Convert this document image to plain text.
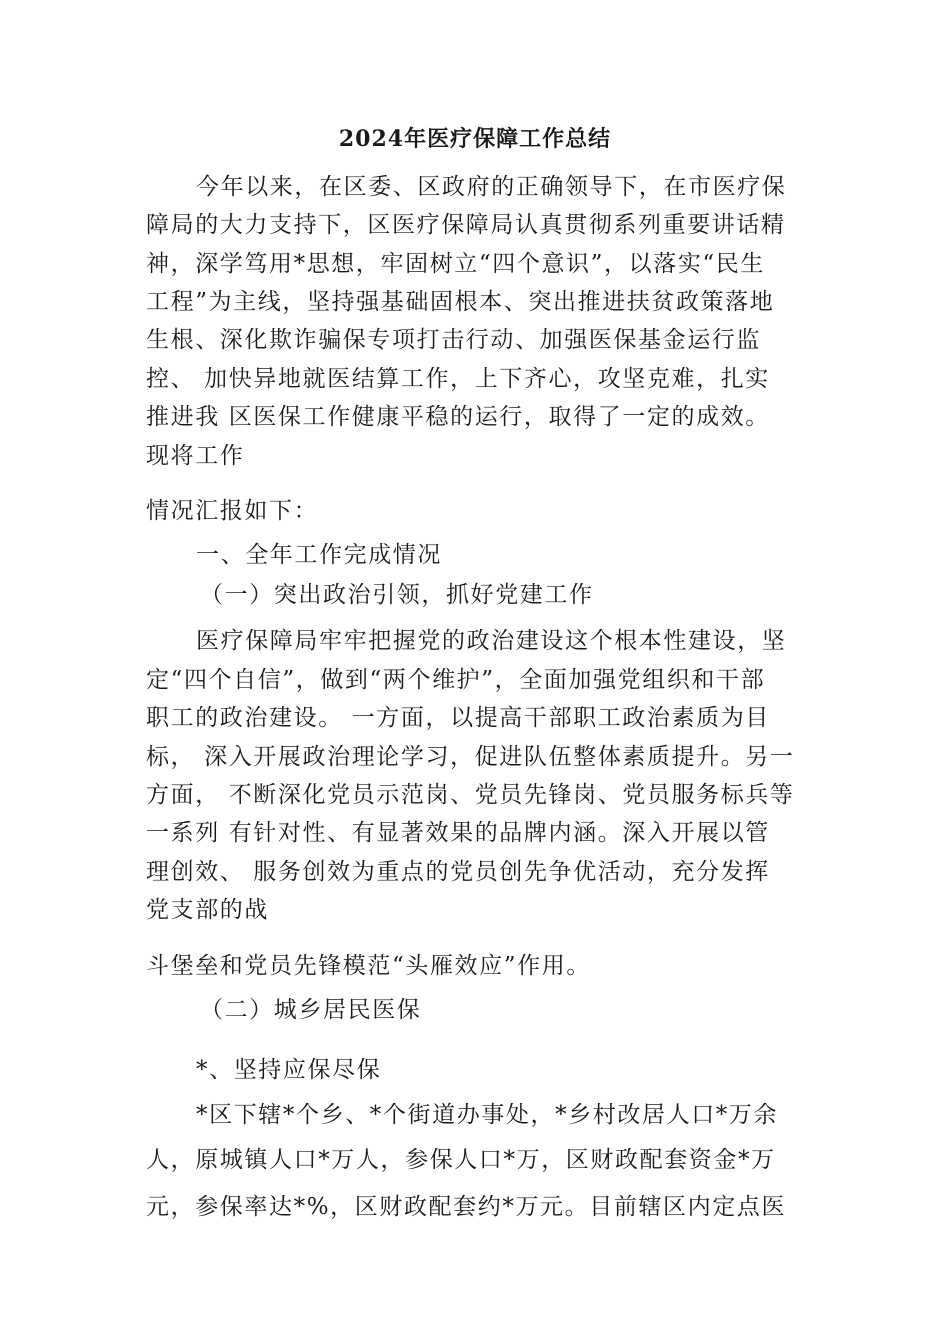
2024年医疗保障工作总结
今年以来，在区委、区政府的正确领导下，在市医疗保
障局的大力支持下，区医疗保障局认真贯彻系列重要讲话精
神，深学笃用*思想，牢固树立“四个意识”，以落实“民生
工程”为主线，坚持强基础固根本、突出推进扶贫政策落地
生根、深化欺诈骗保专项打击行动、加强医保基金运行监
控、 加快异地就医结算工作，上下齐心，攻坚克难，扎实
推进我 区医保工作健康平稳的运行，取得了一定的成效。
现将工作
情况汇报如下：
一、全年工作完成情况
（一）突出政治引领，抓好党建工作
医疗保障局牢牢把握党的政治建设这个根本性建设，坚
定“四个自信”，做到“两个维护”，全面加强党组织和干部
职工的政治建设。 一方面，以提高干部职工政治素质为目
标， 深入开展政治理论学习，促进队伍整体素质提升。另一
方面， 不断深化党员示范岗、党员先锋岗、党员服务标兵等
一系列 有针对性、有显著效果的品牌内涵。深入开展以管
理创效、 服务创效为重点的党员创先争优活动，充分发挥
党支部的战
斗堡垒和党员先锋模范“头雁效应”作用。
（二）城乡居民医保
*、坚持应保尽保
*区下辖*个乡、*个街道办事处，*乡村改居人口*万余
人，原城镇人口*万人，参保人口*万，区财政配套资金*万
元，参保率达*%，区财政配套约*万元。目前辖区内定点医
